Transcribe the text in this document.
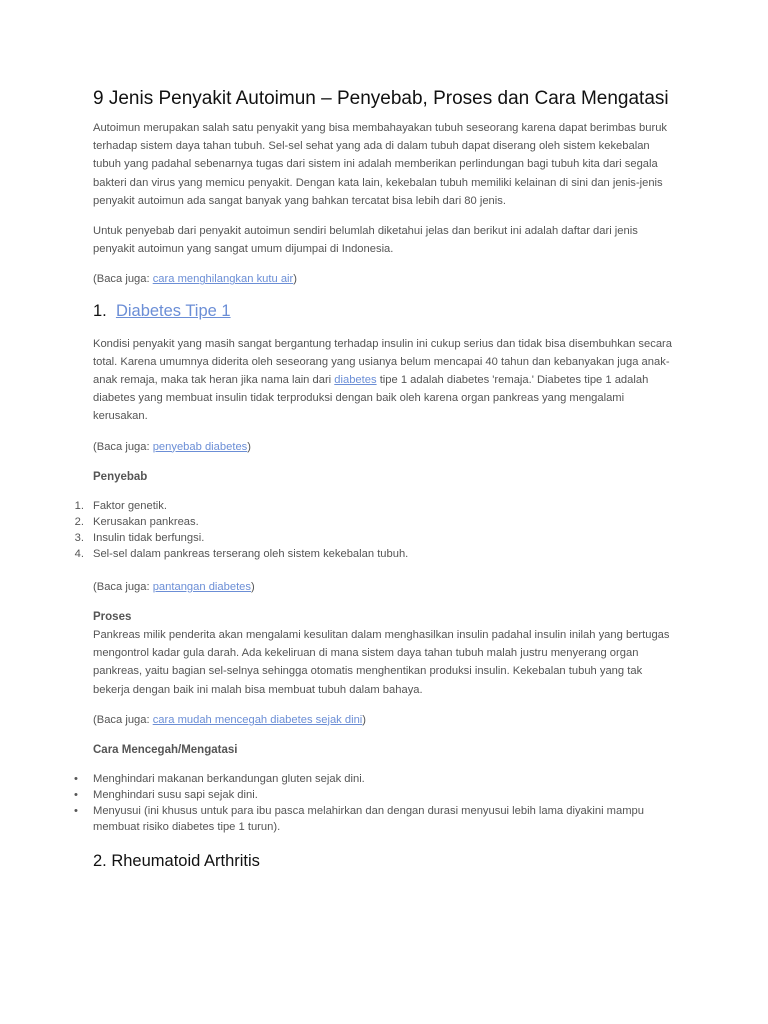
9 Jenis Penyakit Autoimun – Penyebab, Proses dan Cara Mengatasi

Autoimun merupakan salah satu penyakit yang bisa membahayakan tubuh seseorang karena dapat berimbas buruk terhadap sistem daya tahan tubuh. Sel-sel sehat yang ada di dalam tubuh dapat diserang oleh sistem kekebalan tubuh yang padahal sebenarnya tugas dari sistem ini adalah memberikan perlindungan bagi tubuh kita dari segala bakteri dan virus yang memicu penyakit. Dengan kata lain, kekebalan tubuh memiliki kelainan di sini dan jenis-jenis penyakit autoimun ada sangat banyak yang bahkan tercatat bisa lebih dari 80 jenis.

Untuk penyebab dari penyakit autoimun sendiri belumlah diketahui jelas dan berikut ini adalah daftar dari jenis penyakit autoimun yang sangat umum dijumpai di Indonesia.

(Baca juga: cara menghilangkan kutu air)

1. Diabetes Tipe 1

Kondisi penyakit yang masih sangat bergantung terhadap insulin ini cukup serius dan tidak bisa disembuhkan secara total. Karena umumnya diderita oleh seseorang yang usianya belum mencapai 40 tahun dan kebanyakan juga anak-anak remaja, maka tak heran jika nama lain dari diabetes tipe 1 adalah diabetes 'remaja.' Diabetes tipe 1 adalah diabetes yang membuat insulin tidak terproduksi dengan baik oleh karena organ pankreas yang mengalami kerusakan.

(Baca juga: penyebab diabetes)

Penyebab
1. Faktor genetik.
2. Kerusakan pankreas.
3. Insulin tidak berfungsi.
4. Sel-sel dalam pankreas terserang oleh sistem kekebalan tubuh.

(Baca juga: pantangan diabetes)

Proses

Pankreas milik penderita akan mengalami kesulitan dalam menghasilkan insulin padahal insulin inilah yang bertugas mengontrol kadar gula darah. Ada kekeliruan di mana sistem daya tahan tubuh malah justru menyerang organ pankreas, yaitu bagian sel-selnya sehingga otomatis menghentikan produksi insulin. Kekebalan tubuh yang tak bekerja dengan baik ini malah bisa membuat tubuh dalam bahaya.

(Baca juga: cara mudah mencegah diabetes sejak dini)

Cara Mencegah/Mengatasi
•	Menghindari makanan berkandungan gluten sejak dini.
•	Menghindari susu sapi sejak dini.
•	Menyusui (ini khusus untuk para ibu pasca melahirkan dan dengan durasi menyusui lebih lama diyakini mampu membuat risiko diabetes tipe 1 turun).
2. Rheumatoid Arthritis
